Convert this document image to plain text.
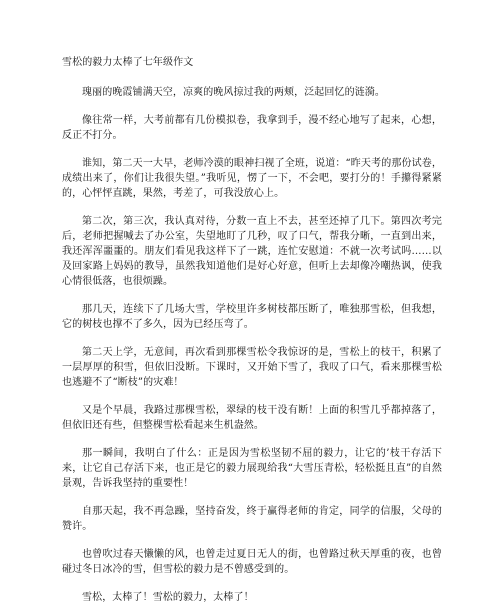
雪松的毅力太棒了七年级作文

瑰丽的晚霞铺满天空，凉爽的晚风掠过我的两颊，泛起回忆的涟漪。

像往常一样，大考前都有几份模拟卷，我拿到手，漫不经心地写了起来，心想，反正不打分。

谁知，第二天一大早，老师冷漠的眼神扫视了全班，说道：“昨天考的那份试卷，成绩出来了，你们让我很失望。”我听见，愣了一下，不会吧，要打分的！手攥得紧紧的，心怦怦直跳，果然，考差了，可我没放心上。

第二次，第三次，我认真对待，分数一直上不去，甚至还掉了几下。第四次考完后，老师把握喊去了办公室，失望地盯了几秒，叹了口气，帮我分晰，一直到出来，我还浑浑噩噩的。朋友们看见我这样下了一跳，连忙安慰道：不就一次考试吗……以及回家路上妈妈的教导，虽然我知道他们是好心好意，但听上去却像冷嘲热讽，使我心情很低落，也很烦躁。

那几天，连续下了几场大雪，学校里许多树枝都压断了，唯独那雪松，但我想，它的树枝也撑不了多久，因为已经压弯了。

第二天上学，无意间，再次看到那棵雪松令我惊讶的是，雪松上的枝干，积累了一层厚厚的积雪，但依旧没断。下课时，又开始下雪了，我叹了口气，看来那棵雪松也逃避不了“断枝”的灾难！

又是个早晨，我路过那棵雪松，翠绿的枝干没有断！上面的积雪几乎都掉落了，但依旧还有些，但整棵雪松看起来生机盎然。

那一瞬间，我明白了什么：正是因为雪松坚韧不屈的毅力，让它的’枝干存活下来，让它自己存活下来，也正是它的毅力展现给我“大雪压青松，轻松挺且直”的自然景观，告诉我坚持的重要性！

自那天起，我不再急躁，坚持奋发，终于赢得老师的肯定，同学的信服，父母的赞许。

也曾吹过春天懒懒的风，也曾走过夏日无人的街，也曾路过秋天厚重的夜，也曾碰过冬日冰冷的雪，但雪松的毅力是不曾感受到的。

雪松，太棒了！雪松的毅力，太棒了！
